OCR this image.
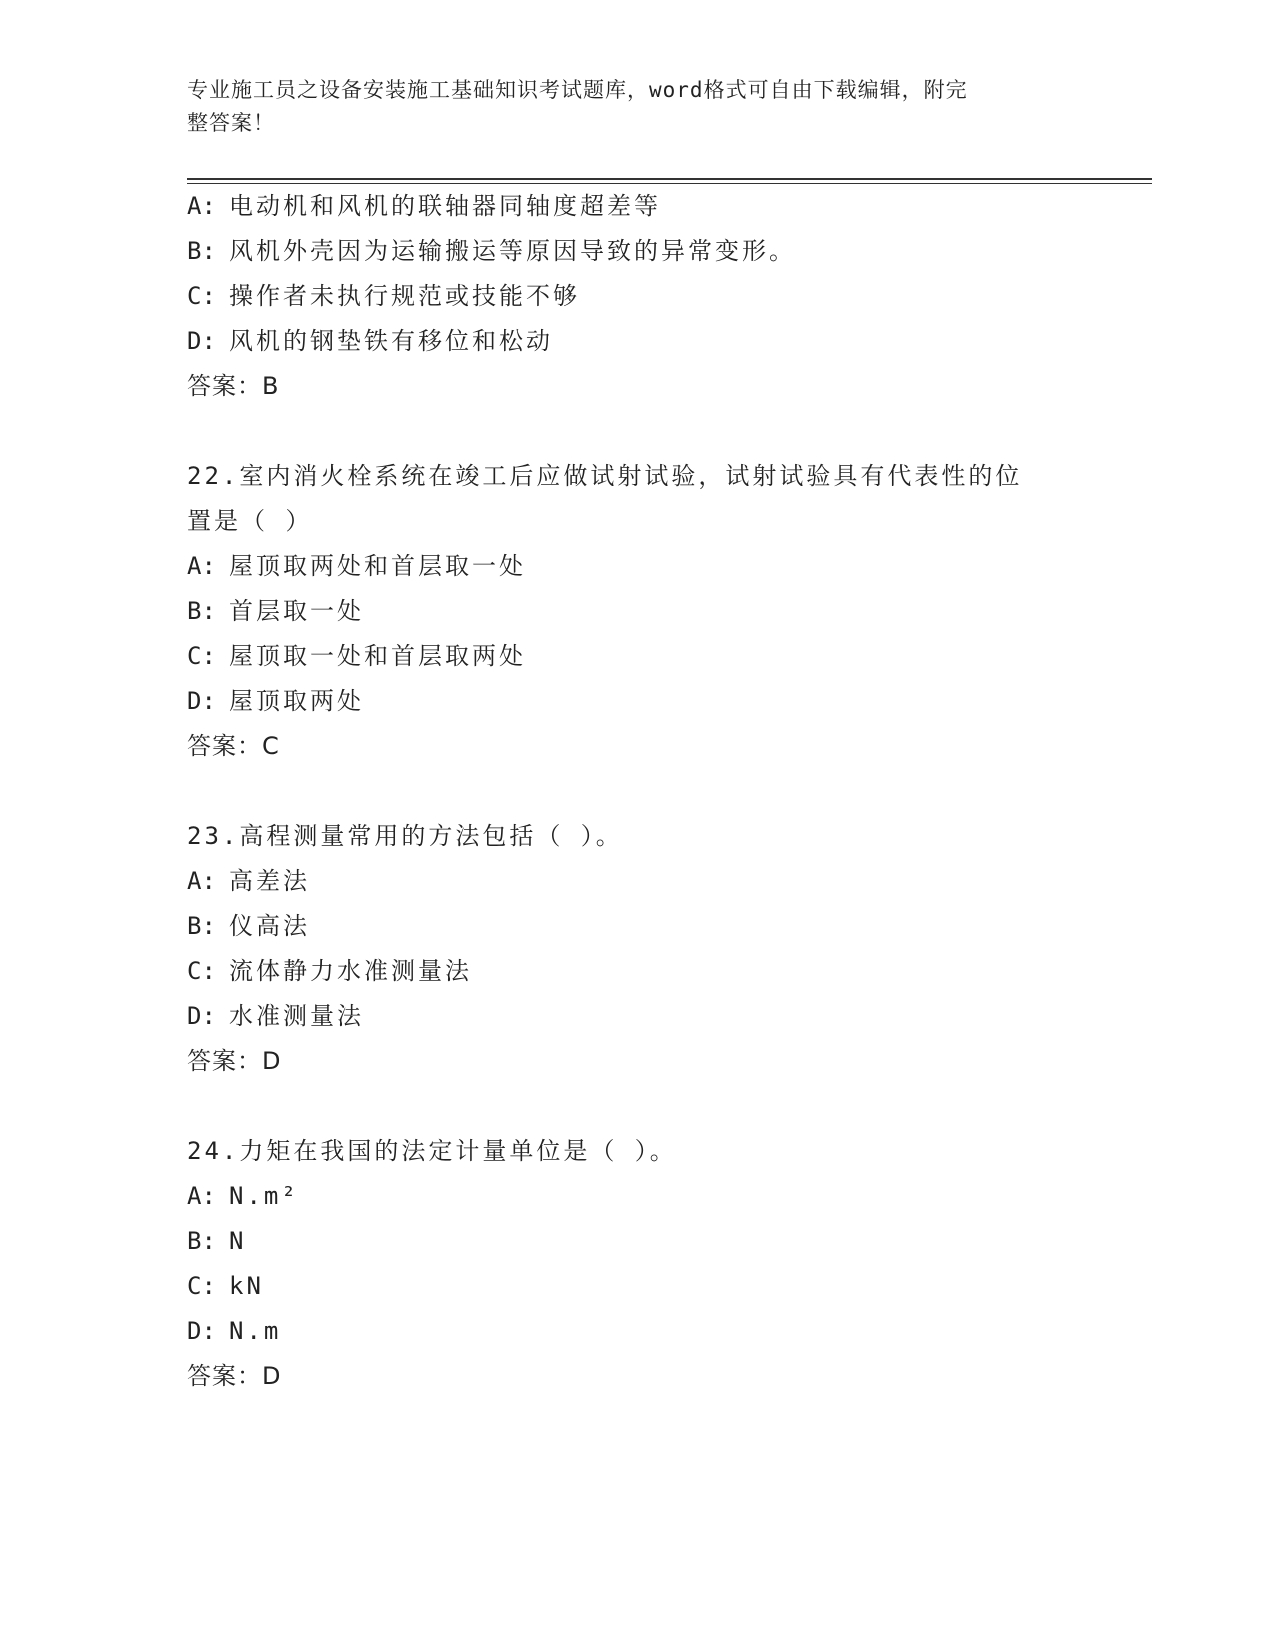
专业施工员之设备安装施工基础知识考试题库，word格式可自由下载编辑，附完
整答案！
A: 电动机和风机的联轴器同轴度超差等
B: 风机外壳因为运输搬运等原因导致的异常变形。
C: 操作者未执行规范或技能不够
D: 风机的钢垫铁有移位和松动
答案：B
22.室内消火栓系统在竣工后应做试射试验，试射试验具有代表性的位
置是（ ）
A: 屋顶取两处和首层取一处
B: 首层取一处
C: 屋顶取一处和首层取两处
D: 屋顶取两处
答案：C
23.高程测量常用的方法包括（ ）。
A: 高差法
B: 仪高法
C: 流体静力水准测量法
D: 水准测量法
答案：D
24.力矩在我国的法定计量单位是（ ）。
A: N.m²
B: N
C: kN
D: N.m
答案：D
